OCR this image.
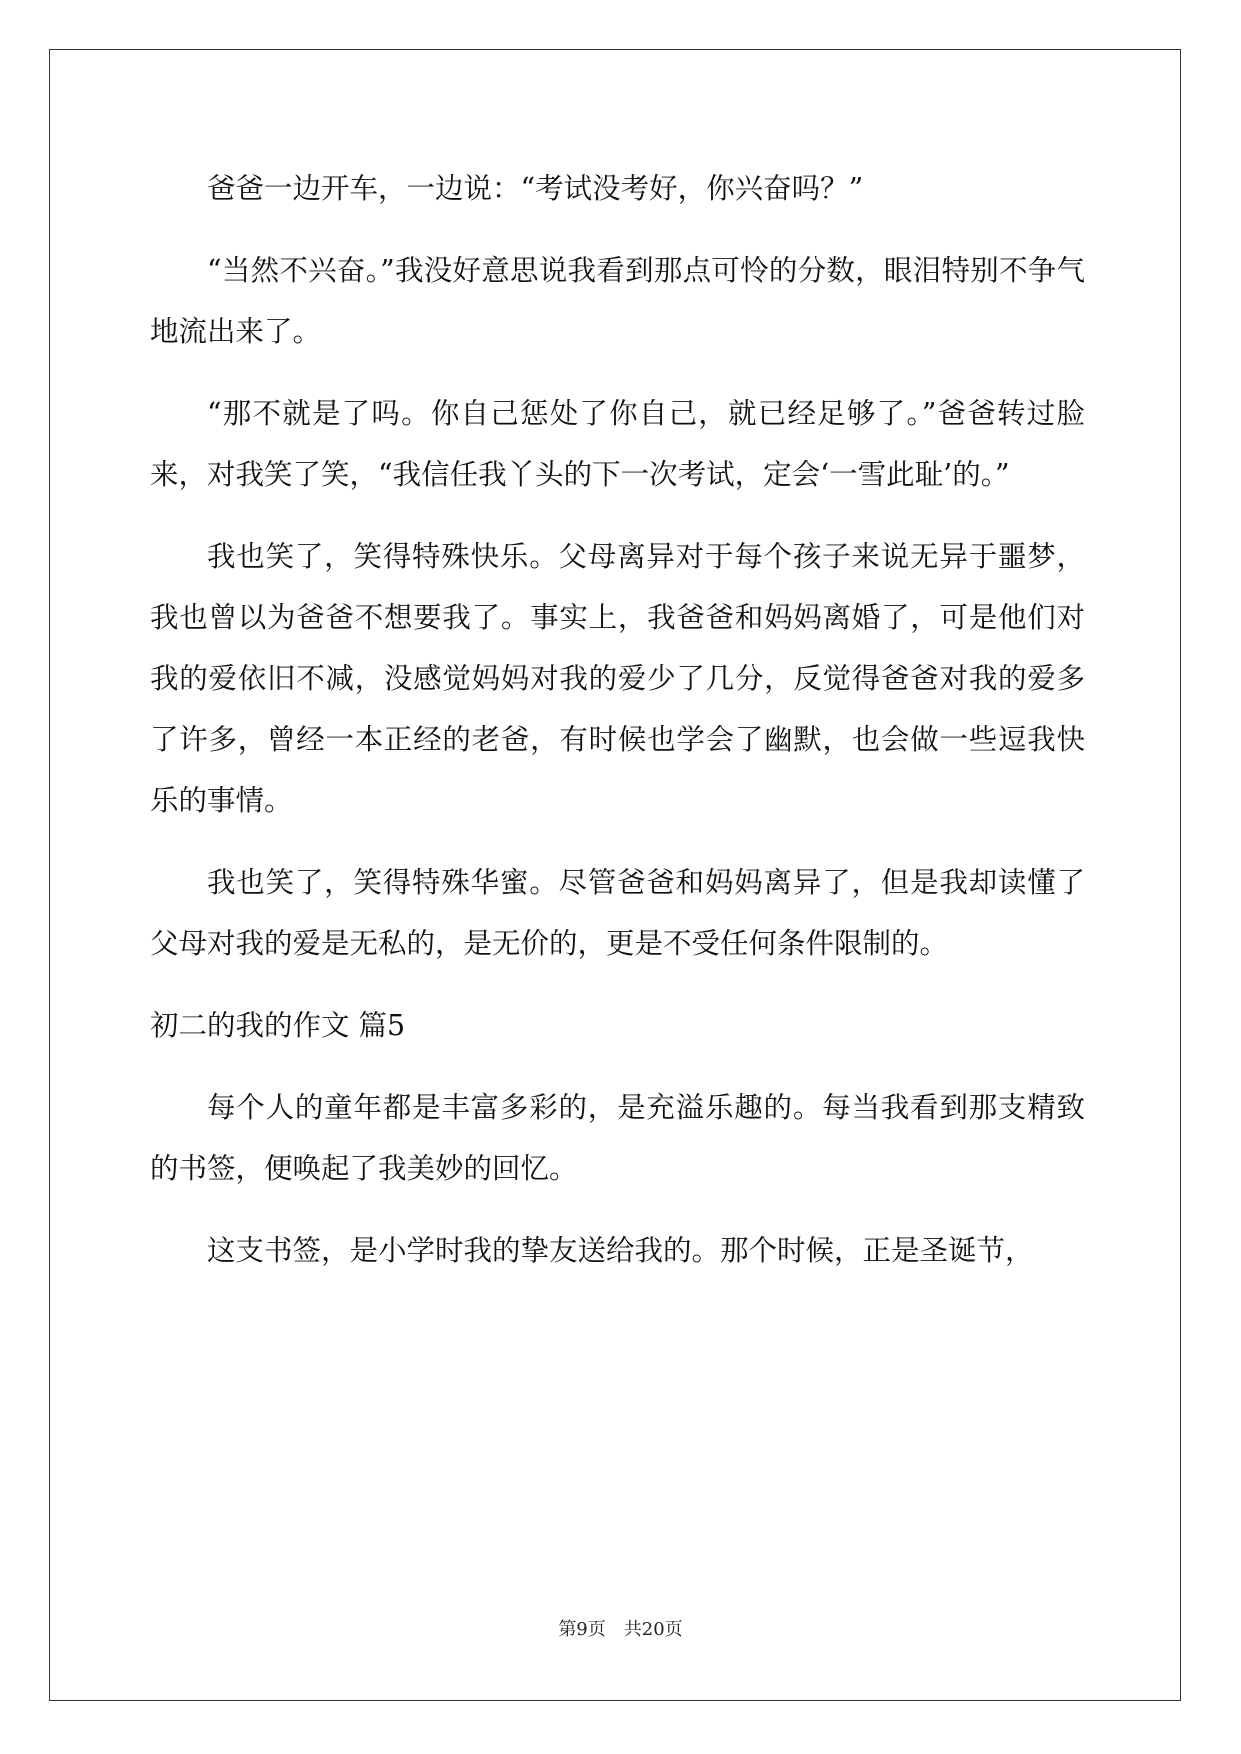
爸爸一边开车，一边说：“考试没考好，你兴奋吗？”

“当然不兴奋。”我没好意思说我看到那点可怜的分数，眼泪特别不争气地流出来了。

“那不就是了吗。你自己惩处了你自己，就已经足够了。”爸爸转过脸来，对我笑了笑，“我信任我丫头的下一次考试，定会‘一雪此耻’的。”

我也笑了，笑得特殊快乐。父母离异对于每个孩子来说无异于噩梦，我也曾以为爸爸不想要我了。事实上，我爸爸和妈妈离婚了，可是他们对我的爱依旧不减，没感觉妈妈对我的爱少了几分，反觉得爸爸对我的爱多了许多，曾经一本正经的老爸，有时候也学会了幽默，也会做一些逗我快乐的事情。

我也笑了，笑得特殊华蜜。尽管爸爸和妈妈离异了，但是我却读懂了父母对我的爱是无私的，是无价的，更是不受任何条件限制的。

初二的我的作文 篇5

每个人的童年都是丰富多彩的，是充溢乐趣的。每当我看到那支精致的书签，便唤起了我美妙的回忆。

这支书签，是小学时我的挚友送给我的。那个时候，正是圣诞节，

第9页　共20页
